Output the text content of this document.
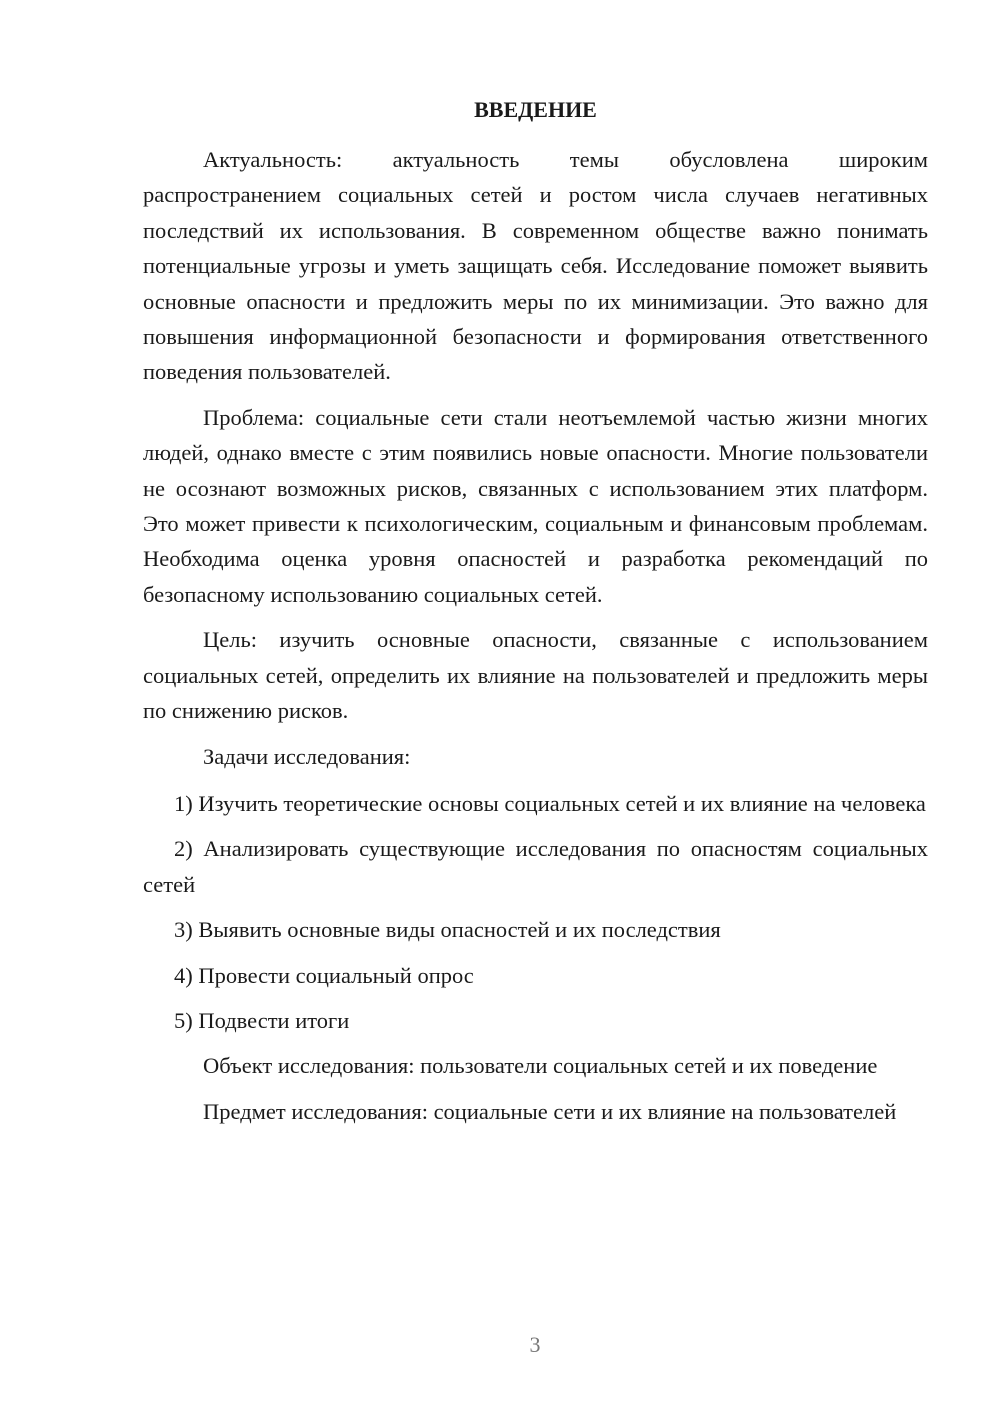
ВВЕДЕНИЕ

Актуальность: актуальность темы обусловлена широким распространением социальных сетей и ростом числа случаев негативных последствий их использования. В современном обществе важно понимать потенциальные угрозы и уметь защищать себя. Исследование поможет выявить основные опасности и предложить меры по их минимизации. Это важно для повышения информационной безопасности и формирования ответственного поведения пользователей.

Проблема: социальные сети стали неотъемлемой частью жизни многих людей, однако вместе с этим появились новые опасности. Многие пользователи не осознают возможных рисков, связанных с использованием этих платформ. Это может привести к психологическим, социальным и финансовым проблемам. Необходима оценка уровня опасностей и разработка рекомендаций по безопасному использованию социальных сетей.

Цель: изучить основные опасности, связанные с использованием социальных сетей, определить их влияние на пользователей и предложить меры по снижению рисков.

Задачи исследования:

1) Изучить теоретические основы социальных сетей и их влияние на человека

2) Анализировать существующие исследования по опасностям социальных сетей

3) Выявить основные виды опасностей и их последствия

4) Провести социальный опрос

5) Подвести итоги

Объект исследования: пользователи социальных сетей и их поведение

Предмет исследования: социальные сети и их влияние на пользователей

3
